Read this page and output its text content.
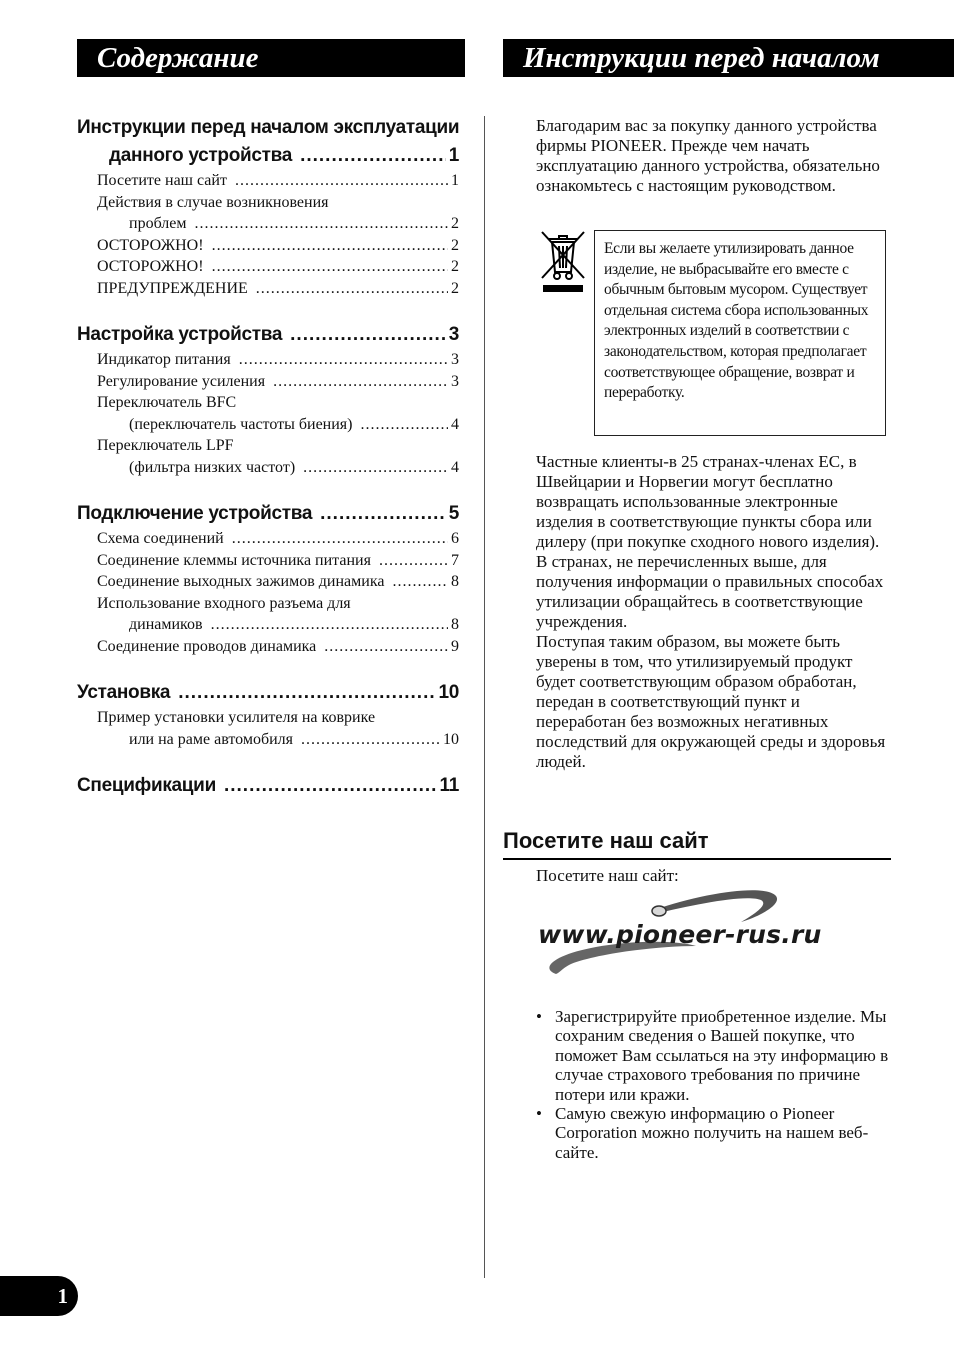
Содержание	Инструкции перед началом
Инструкции перед началом эксплуатации
данного устройства .....	1
Посетите наш сайт .....	1
Действия в случае возникновения
проблем .....	2
ОСТОРОЖНО! .....	2
ОСТОРОЖНО! .....	2
ПРЕДУПРЕЖДЕНИЕ .....	2
Настройка устройства .....	3
Индикатор питания .....	3
Регулирование усиления .....	3
Переключатель BFC
(переключатель частоты биения) .....	4
Переключатель LPF
(фильтра низких частот) .....	4
Подключение устройства .....	5
Схема соединений .....	6
Соединение клеммы источника питания .....	7
Соединение выходных зажимов динамика .....	8
Использование входного разъема для
динамиков .....	8
Соединение проводов динамика .....	9
Установка .....	10
Пример установки усилителя на коврике
или на раме автомобиля .....	10
Спецификации .....	11
Благодарим вас за покупку данного устройства фирмы PIONEER. Прежде чем начать эксплуатацию данного устройства, обязательно ознакомьтесь с настоящим руководством.
Если вы желаете утилизировать данное изделие, не выбрасывайте его вместе с обычным бытовым мусором. Существует отдельная система сбора использованных электронных изделий в соответствии с законодательством, которая предполагает соответствующее обращение, возврат и переработку.

Частные клиенты-в 25 странах-членах ЕС, в Швейцарии и Норвегии могут бесплатно возвращать использованные электронные изделия в соответствующие пункты сбора или дилеру (при покупке сходного нового изделия).

В странах, не перечисленных выше, для получения информации о правильных способах утилизации обращайтесь в соответствующие учреждения.

Поступая таким образом, вы можете быть уверены в том, что утилизируемый продукт будет соответствующим образом обработан, передан в соответствующий пункт и переработан без возможных негативных последствий для окружающей среды и здоровья людей.

Посетите наш сайт
Посетите наш сайт:
www.pioneer-rus.ru
• Зарегистрируйте приобретенное изделие. Мы сохраним сведения о Вашей покупке, что поможет Вам ссылаться на эту информацию в случае страхового требования по причине потери или кражи.
• Самую свежую информацию о Pioneer Corporation можно получить на нашем веб-сайте.
1
